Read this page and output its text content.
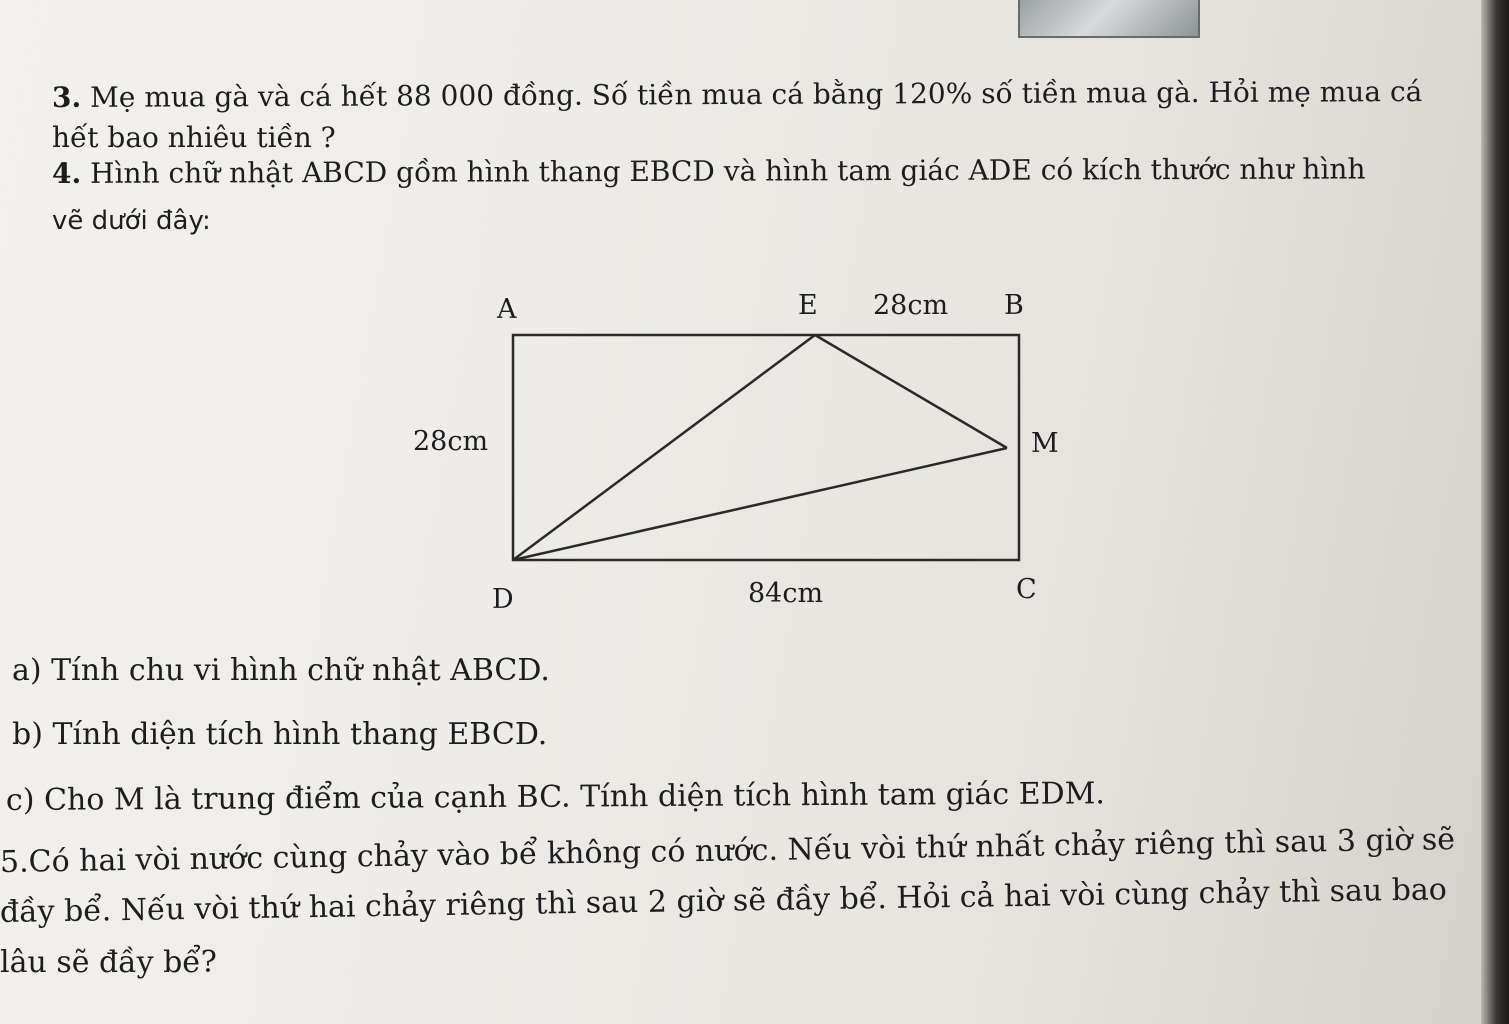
3. Mẹ mua gà và cá hết 88 000 đồng. Số tiền mua cá bằng 120% số tiền mua gà. Hỏi mẹ mua cá
hết bao nhiêu tiền ?
4. Hình chữ nhật ABCD gồm hình thang EBCD và hình tam giác ADE có kích thước như hình
vẽ dưới đây:
A	E 28cm B
28cm	M
D	84cm	C
a) Tính chu vi hình chữ nhật ABCD.
b) Tính diện tích hình thang EBCD.
c) Cho M là trung điểm của cạnh BC. Tính diện tích hình tam giác EDM.
5.Có hai vòi nước cùng chảy vào bể không có nước. Nếu vòi thứ nhất chảy riêng thì sau 3 giờ sẽ
đầy bể. Nếu vòi thứ hai chảy riêng thì sau 2 giờ sẽ đầy bể. Hỏi cả hai vòi cùng chảy thì sau bao
lâu sẽ đầy bể?
